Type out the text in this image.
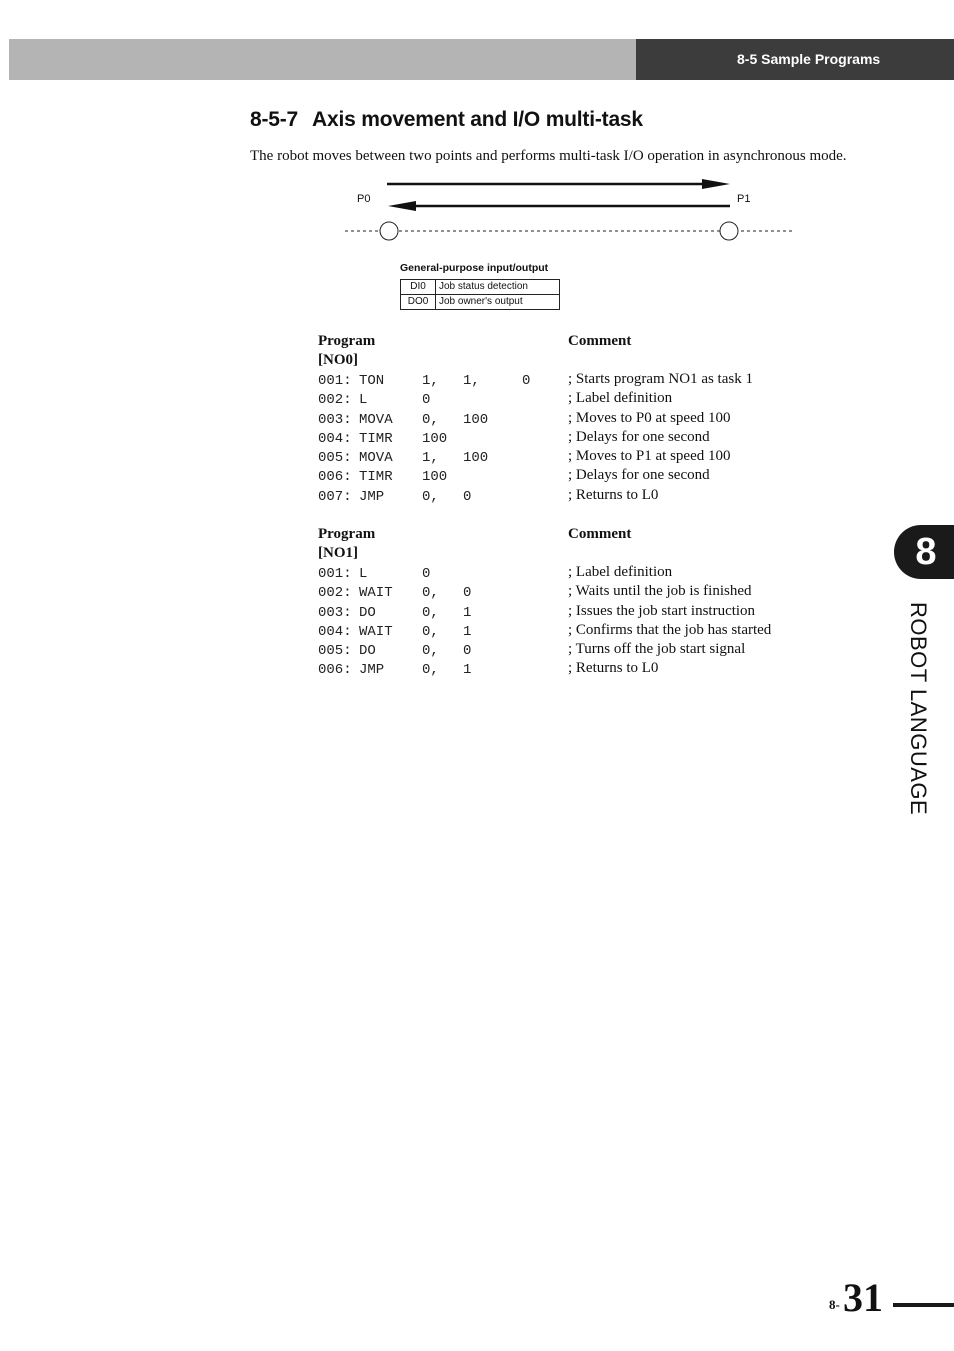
8-5 Sample Programs
8-5-7 Axis movement and I/O multi-task
The robot moves between two points and performs multi-task I/O operation in asynchronous mode.
P0	P1
General-purpose input/output
DI0	Job status detection
DO0	Job owner's output
Program	Comment
[NO0]
001: TON	1, 1,	0	; Starts program NO1 as task 1
002: L	0	; Label definition
003: MOVA 0, 100	; Moves to P0 at speed 100
004: TIMR 100	; Delays for one second
005: MOVA 1, 100	; Moves to P1 at speed 100
006: TIMR 100	; Delays for one second
007: JMP	0, 0	; Returns to L0
Program	Comment
[NO1]
001: L	0	; Label definition
002: WAIT 0, 0	; Waits until the job is finished
003: DO	0, 1	; Issues the job start instruction
004: WAIT 0, 1	; Confirms that the job has started
005: DO	0, 0	; Turns off the job start signal
006: JMP	0, 1	; Returns to L0
8
ROBOT LANGUAGE
8- 31
